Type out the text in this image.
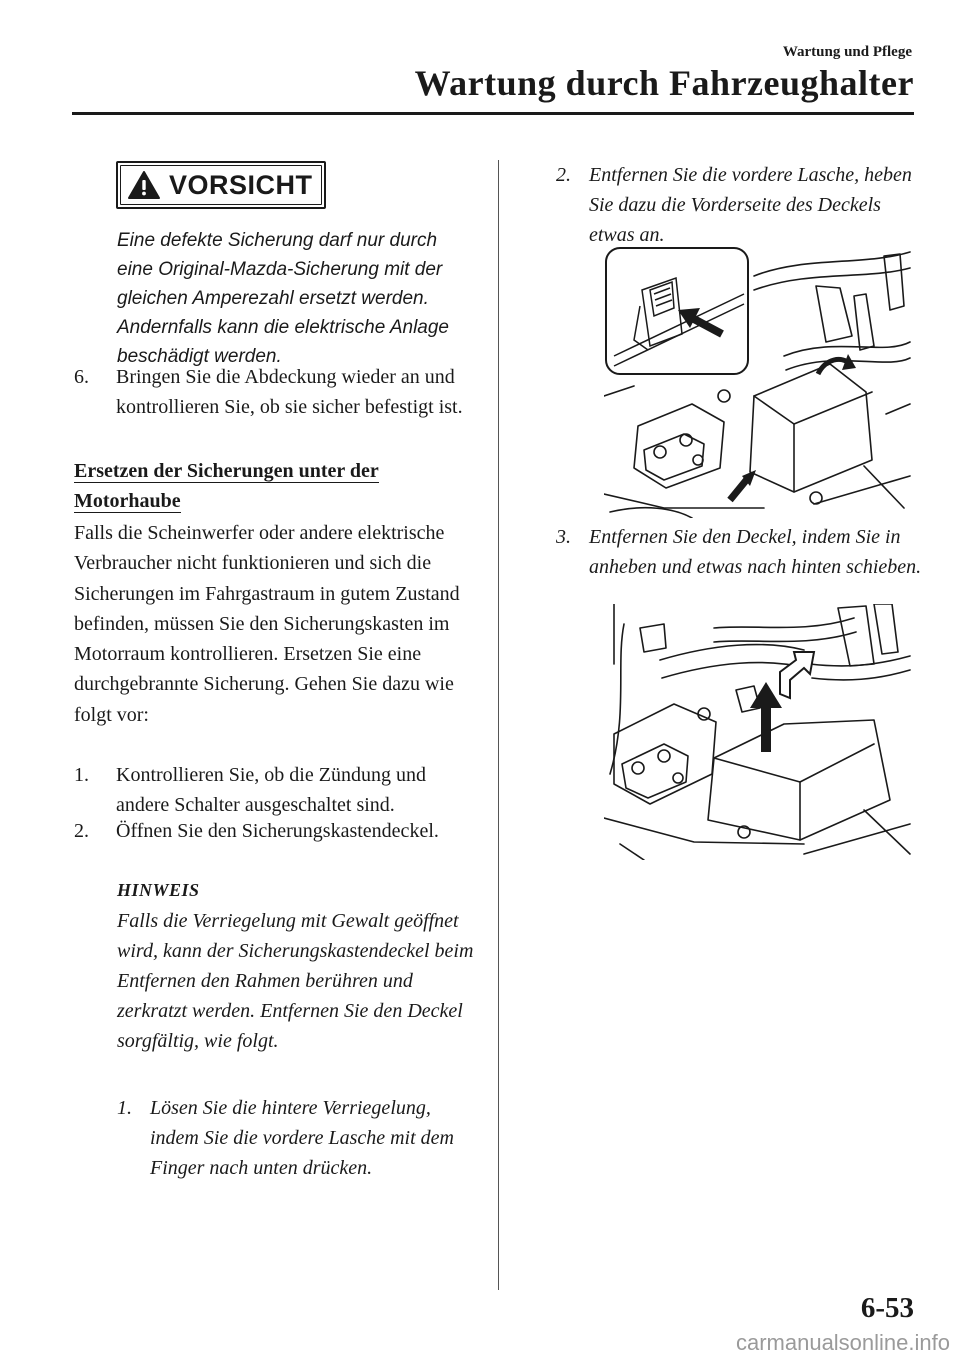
Wartung und Pflege
Wartung durch Fahrzeughalter
VORSICHT
Eine defekte Sicherung darf nur durch eine Original-Mazda-Sicherung mit der gleichen Amperezahl ersetzt werden. Andernfalls kann die elektrische Anlage beschädigt werden.
6.	Bringen Sie die Abdeckung wieder an und kontrollieren Sie, ob sie sicher befestigt ist.
Ersetzen der Sicherungen unter der
Motorhaube
Falls die Scheinwerfer oder andere elektrische Verbraucher nicht funktionieren und sich die Sicherungen im Fahrgastraum in gutem Zustand befinden, müssen Sie den Sicherungskasten im Motorraum kontrollieren. Ersetzen Sie eine durchgebrannte Sicherung. Gehen Sie dazu wie folgt vor:
1.	Kontrollieren Sie, ob die Zündung und andere Schalter ausgeschaltet sind.
2.	Öffnen Sie den Sicherungskastendeckel.
HINWEIS
Falls die Verriegelung mit Gewalt geöffnet wird, kann der Sicherungskastendeckel beim Entfernen den Rahmen berühren und zerkratzt werden. Entfernen Sie den Deckel sorgfältig, wie folgt.
1. Lösen Sie die hintere Verriegelung, indem Sie die vordere Lasche mit dem Finger nach unten drücken.
2. Entfernen Sie die vordere Lasche, heben Sie dazu die Vorderseite des Deckels etwas an.
3. Entfernen Sie den Deckel, indem Sie in anheben und etwas nach hinten schieben.
6-53
carmanualsonline.info
